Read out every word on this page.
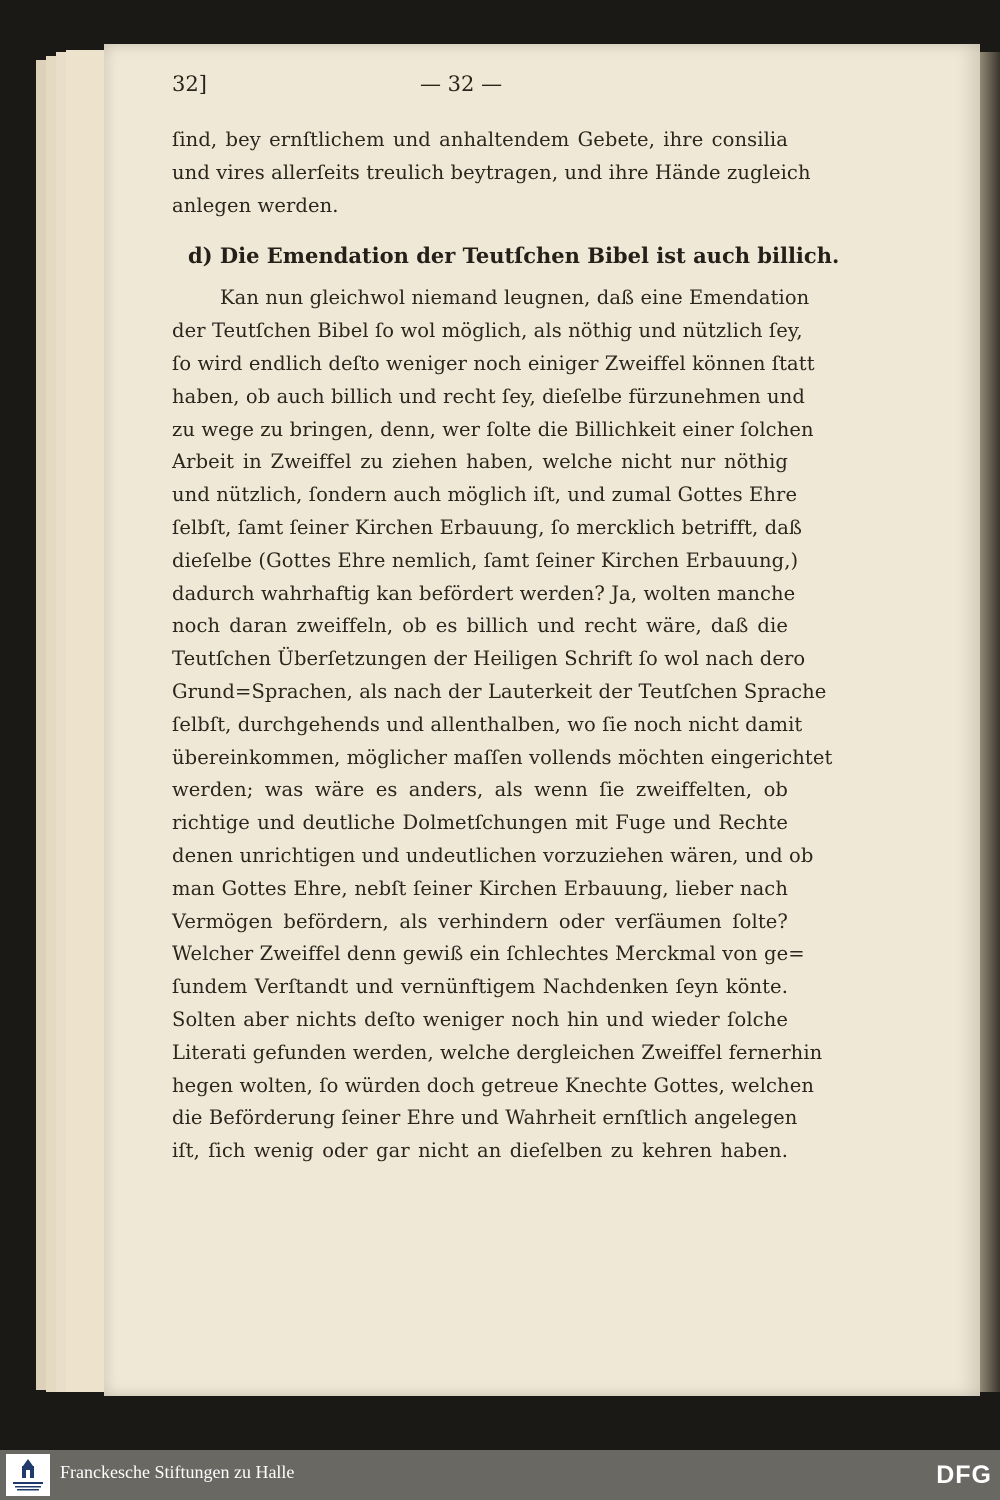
32]	— 32 —
ſind, bey ernſtlichem und anhaltendem Gebete, ihre consilia
und vires allerſeits treulich beytragen, und ihre Hände zugleich
anlegen werden.
d) Die Emendation der Teutſchen Bibel ist auch billich.
Kan nun gleichwol niemand leugnen, daß eine Emendation
der Teutſchen Bibel ſo wol möglich, als nöthig und nützlich ſey,
ſo wird endlich deſto weniger noch einiger Zweiffel können ſtatt
haben, ob auch billich und recht ſey, dieſelbe fürzunehmen und
zu wege zu bringen, denn, wer ſolte die Billichkeit einer ſolchen
Arbeit in Zweiffel zu ziehen haben, welche nicht nur nöthig
und nützlich, ſondern auch möglich iſt, und zumal Gottes Ehre
ſelbſt, ſamt ſeiner Kirchen Erbauung, ſo mercklich betrifft, daß
dieſelbe (Gottes Ehre nemlich, ſamt ſeiner Kirchen Erbauung,)
dadurch wahrhaftig kan befördert werden? Ja, wolten manche
noch daran zweiffeln, ob es billich und recht wäre, daß die
Teutſchen Überſetzungen der Heiligen Schrift ſo wol nach dero
Grund=Sprachen, als nach der Lauterkeit der Teutſchen Sprache
ſelbſt, durchgehends und allenthalben, wo ſie noch nicht damit
übereinkommen, möglicher maſſen vollends möchten eingerichtet
werden; was wäre es anders, als wenn ſie zweiffelten, ob
richtige und deutliche Dolmetſchungen mit Fuge und Rechte
denen unrichtigen und undeutlichen vorzuziehen wären, und ob
man Gottes Ehre, nebſt ſeiner Kirchen Erbauung, lieber nach
Vermögen befördern, als verhindern oder verſäumen ſolte?
Welcher Zweiffel denn gewiß ein ſchlechtes Merckmal von ge=
ſundem Verſtandt und vernünftigem Nachdenken ſeyn könte.
Solten aber nichts deſto weniger noch hin und wieder ſolche
Literati gefunden werden, welche dergleichen Zweiffel fernerhin
hegen wolten, ſo würden doch getreue Knechte Gottes, welchen
die Beförderung ſeiner Ehre und Wahrheit ernſtlich angelegen
iſt, ſich wenig oder gar nicht an dieſelben zu kehren haben.
Franckesche Stiftungen zu Halle	DFG
